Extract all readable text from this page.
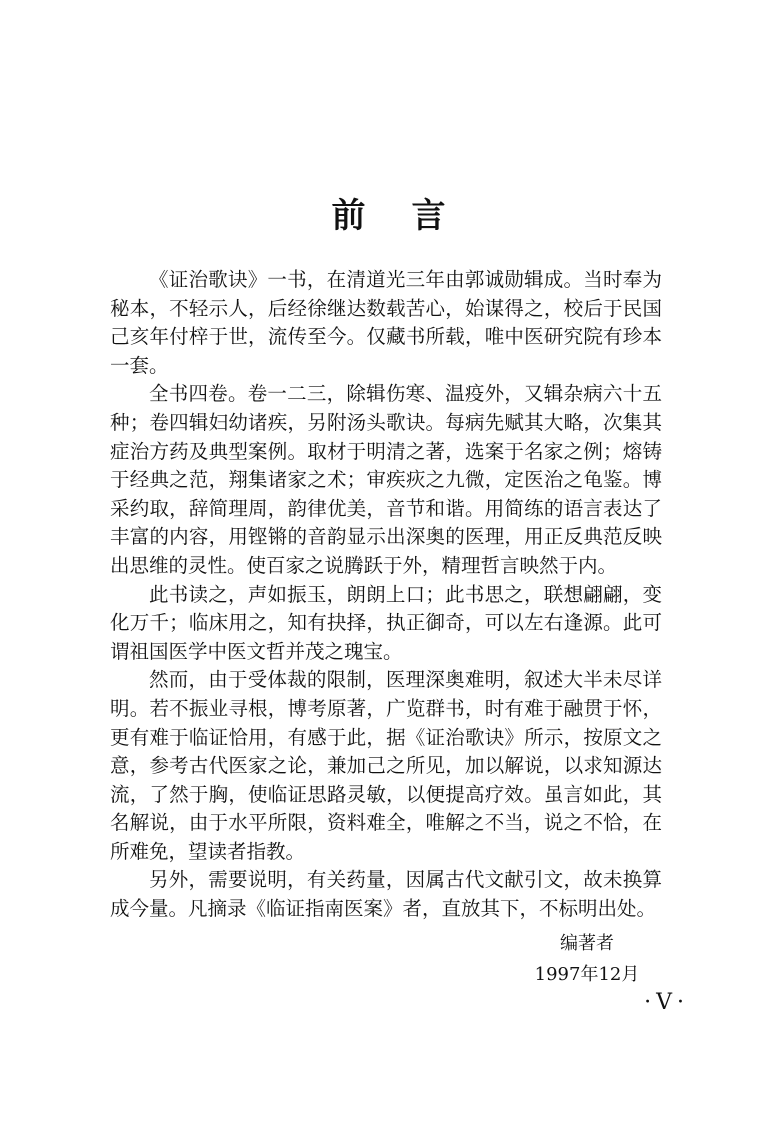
前言

《证治歌诀》一书，在清道光三年由郭诚勋辑成。当时奉为秘本，不轻示人，后经徐继达数载苦心，始谋得之，校后于民国己亥年付梓于世，流传至今。仅藏书所载，唯中医研究院有珍本一套。

全书四卷。卷一二三，除辑伤寒、温疫外，又辑杂病六十五种；卷四辑妇幼诸疾，另附汤头歌诀。每病先赋其大略，次集其症治方药及典型案例。取材于明清之著，选案于名家之例；熔铸于经典之范，翔集诸家之术；审疾疢之九微，定医治之龟鉴。博采约取，辞简理周，韵律优美，音节和谐。用简练的语言表达了丰富的内容，用铿锵的音韵显示出深奥的医理，用正反典范反映出思维的灵性。使百家之说腾跃于外，精理哲言映然于内。

此书读之，声如振玉，朗朗上口；此书思之，联想翩翩，变化万千；临床用之，知有抉择，执正御奇，可以左右逢源。此可谓祖国医学中医文哲并茂之瑰宝。

然而，由于受体裁的限制，医理深奥难明，叙述大半未尽详明。若不振业寻根，博考原著，广览群书，时有难于融贯于怀，更有难于临证恰用，有感于此，据《证治歌诀》所示，按原文之意，参考古代医家之论，兼加己之所见，加以解说，以求知源达流，了然于胸，使临证思路灵敏，以便提高疗效。虽言如此，其名解说，由于水平所限，资料难全，唯解之不当，说之不恰，在所难免，望读者指教。

另外，需要说明，有关药量，因属古代文献引文，故未换算成今量。凡摘录《临证指南医案》者，直放其下，不标明出处。

编著者
1997年12月
·V·
